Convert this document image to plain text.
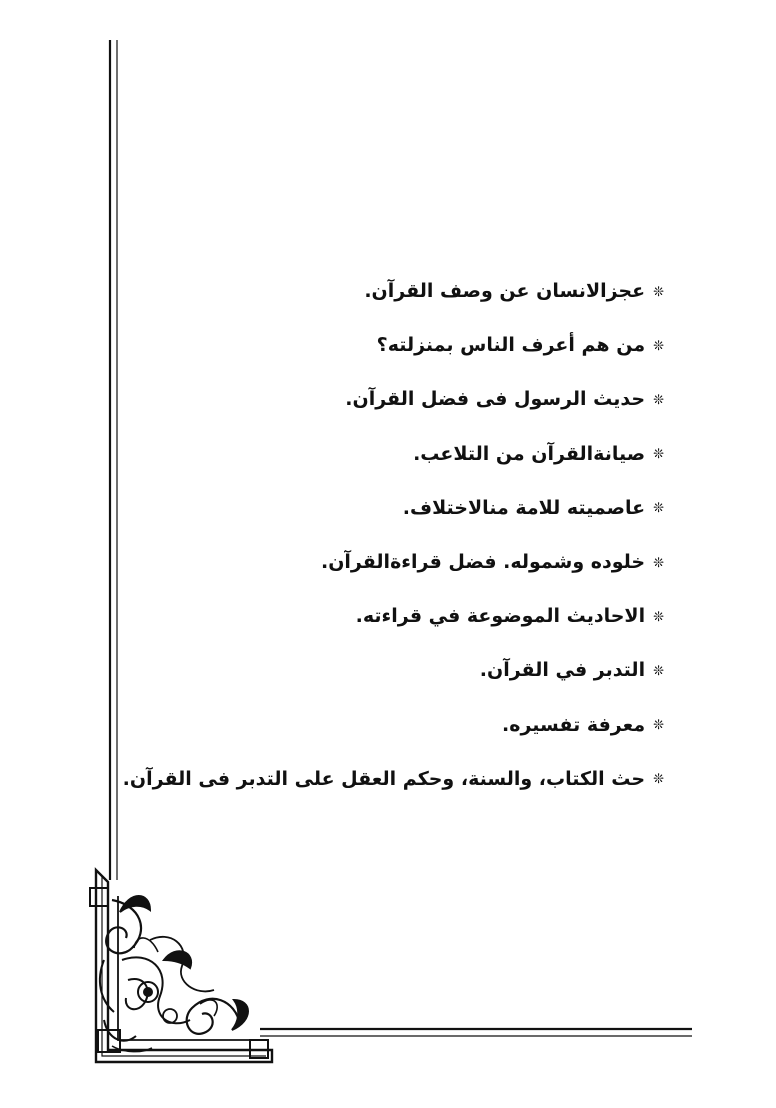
❊
عجزالانسان عن وصف القرآن.
❊
من هم أعرف الناس بمنزلته؟
❊
حديث الرسول فى فضل القرآن.
❊
صيانةالقرآن من التلاعب.
❊
عاصميته للامة منالاختلاف.
❊
خلوده وشموله. فضل قراءةالقرآن.
❊
الاحاديث الموضوعة في قراءته.
❊
التدبر في القرآن.
❊
معرفة تفسيره.
❊
حث الكتاب، والسنة، وحكم العقل على التدبر فى القرآن.
